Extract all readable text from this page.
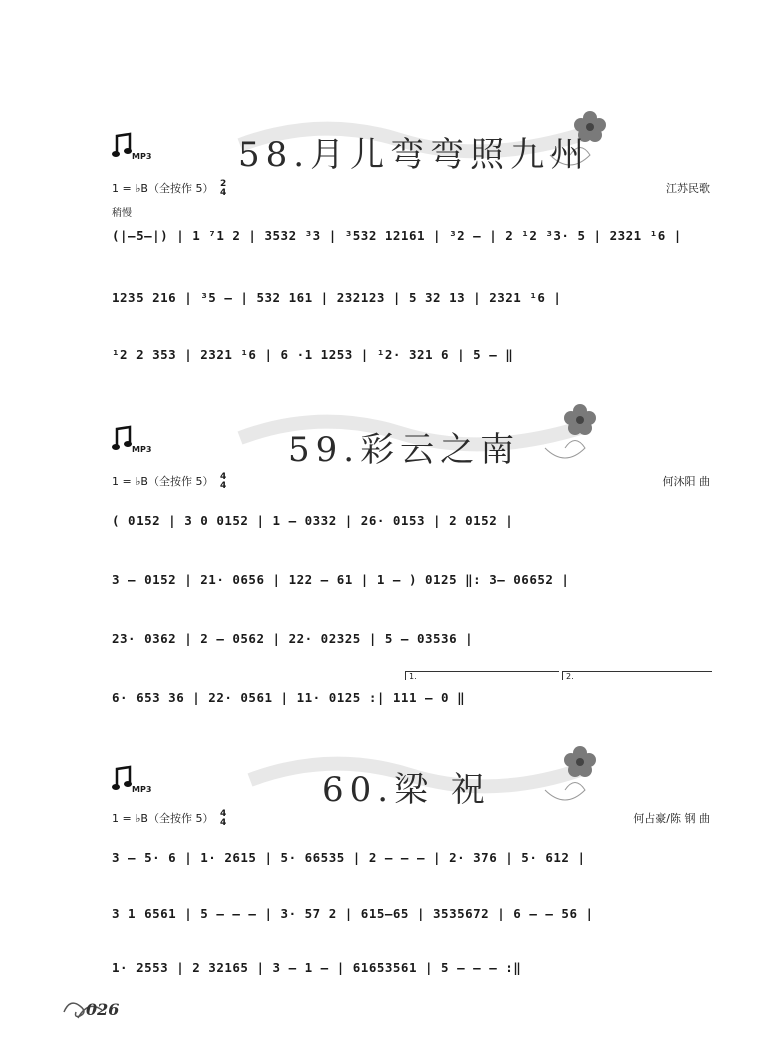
58.月儿弯弯照九州
MP3
1 = ♭B（全按作 5） 2
4	江苏民歌
稍慢
(|—5—|) | 1 ⁷1 2 | 3532 ³3 | ³532 12161 | ³2 — | 2 ¹2 ³3· 5 | 2321 ¹6 |
1235 216 | ³5 — | 532 161 | 232123 | 5 32 13 | 2321 ¹6 |
¹2 2 353 | 2321 ¹6 | 6 ·1 1253 | ¹2· 321 6 | 5 — ‖
59.彩云之南
MP3
1 = ♭B（全按作 5） 4
4	何沐阳 曲
( 0152 | 3 0 0152 | 1 — 0332 | 26· 0153 | 2 0152 |
3 — 0152 | 21· 0656 | 122 — 61 | 1 — ) 0125 ‖: 3— 06652 |
23· 0362 | 2 — 0562 | 22· 02325 | 5 — 03536 |
1.	2.
6· 653 36 | 22· 0561 | 11· 0125 :| 111 — 0 ‖
60.梁 祝
MP3
1 = ♭B（全按作 5） 4
4	何占豪/陈 钢 曲
3 — 5· 6 | 1· 2615 | 5· 66535 | 2 — — — | 2· 376 | 5· 612 |
3 1 6561 | 5 — — — | 3· 57 2 | 615—65 | 3535672 | 6 — — 56 |
1· 2553 | 2 32165 | 3 — 1 — | 61653561 | 5 — — — :‖
026
